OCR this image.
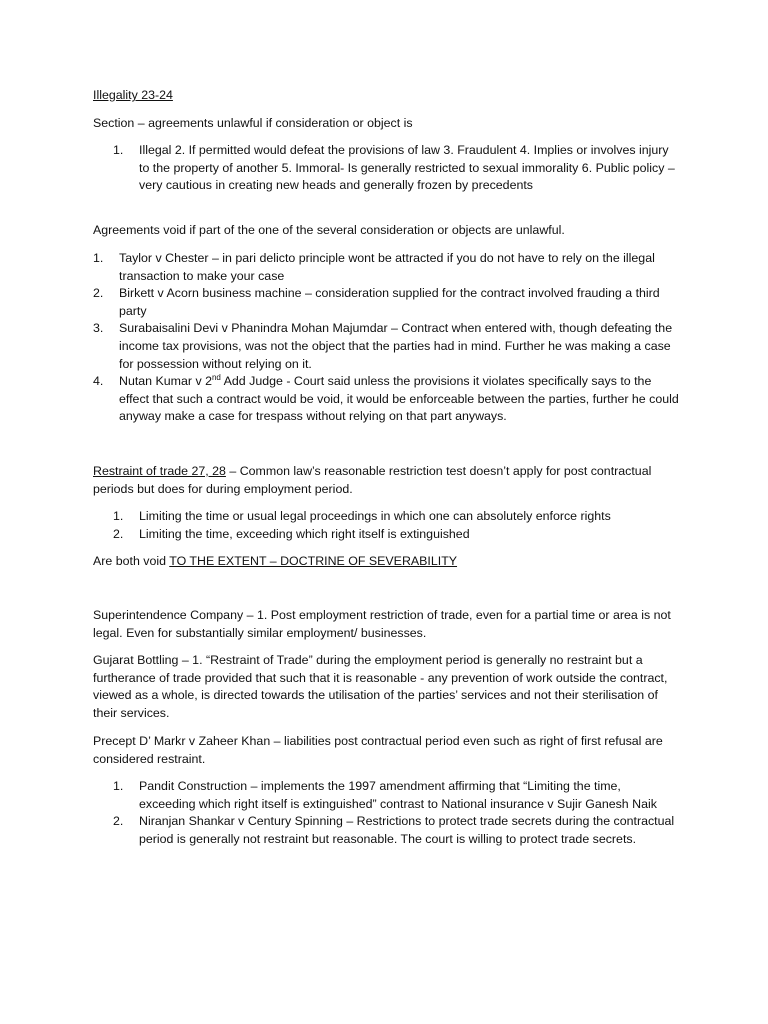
Illegality 23-24

Section – agreements unlawful if consideration or object is

1. Illegal 2. If permitted would defeat the provisions of law 3. Fraudulent 4. Implies or involves injury to the property of another 5. Immoral- Is generally restricted to sexual immorality 6. Public policy – very cautious in creating new heads and generally frozen by precedents

Agreements void if part of the one of the several consideration or objects are unlawful.

1. Taylor v Chester – in pari delicto principle wont be attracted if you do not have to rely on the illegal transaction to make your case
2. Birkett v Acorn business machine – consideration supplied for the contract involved frauding a third party
3. Surabaisalini Devi v Phanindra Mohan Majumdar – Contract when entered with, though defeating the income tax provisions, was not the object that the parties had in mind. Further he was making a case for possession without relying on it.
4. Nutan Kumar v 2nd Add Judge - Court said unless the provisions it violates specifically says to the effect that such a contract would be void, it would be enforceable between the parties, further he could anyway make a case for trespass without relying on that part anyways.

Restraint of trade 27, 28 – Common law’s reasonable restriction test doesn’t apply for post contractual periods but does for during employment period.

1. Limiting the time or usual legal proceedings in which one can absolutely enforce rights
2. Limiting the time, exceeding which right itself is extinguished

Are both void TO THE EXTENT – DOCTRINE OF SEVERABILITY

Superintendence Company – 1. Post employment restriction of trade, even for a partial time or area is not legal. Even for substantially similar employment/ businesses.

Gujarat Bottling – 1. “Restraint of Trade” during the employment period is generally no restraint but a furtherance of trade provided that such that it is reasonable - any prevention of work outside the contract, viewed as a whole, is directed towards the utilisation of the parties’ services and not their sterilisation of their services.

Precept D’ Markr v Zaheer Khan – liabilities post contractual period even such as right of first refusal are considered restraint.

1. Pandit Construction – implements the 1997 amendment affirming that “Limiting the time, exceeding which right itself is extinguished” contrast to National insurance v Sujir Ganesh Naik
2. Niranjan Shankar v Century Spinning – Restrictions to protect trade secrets during the contractual period is generally not restraint but reasonable. The court is willing to protect trade secrets.
